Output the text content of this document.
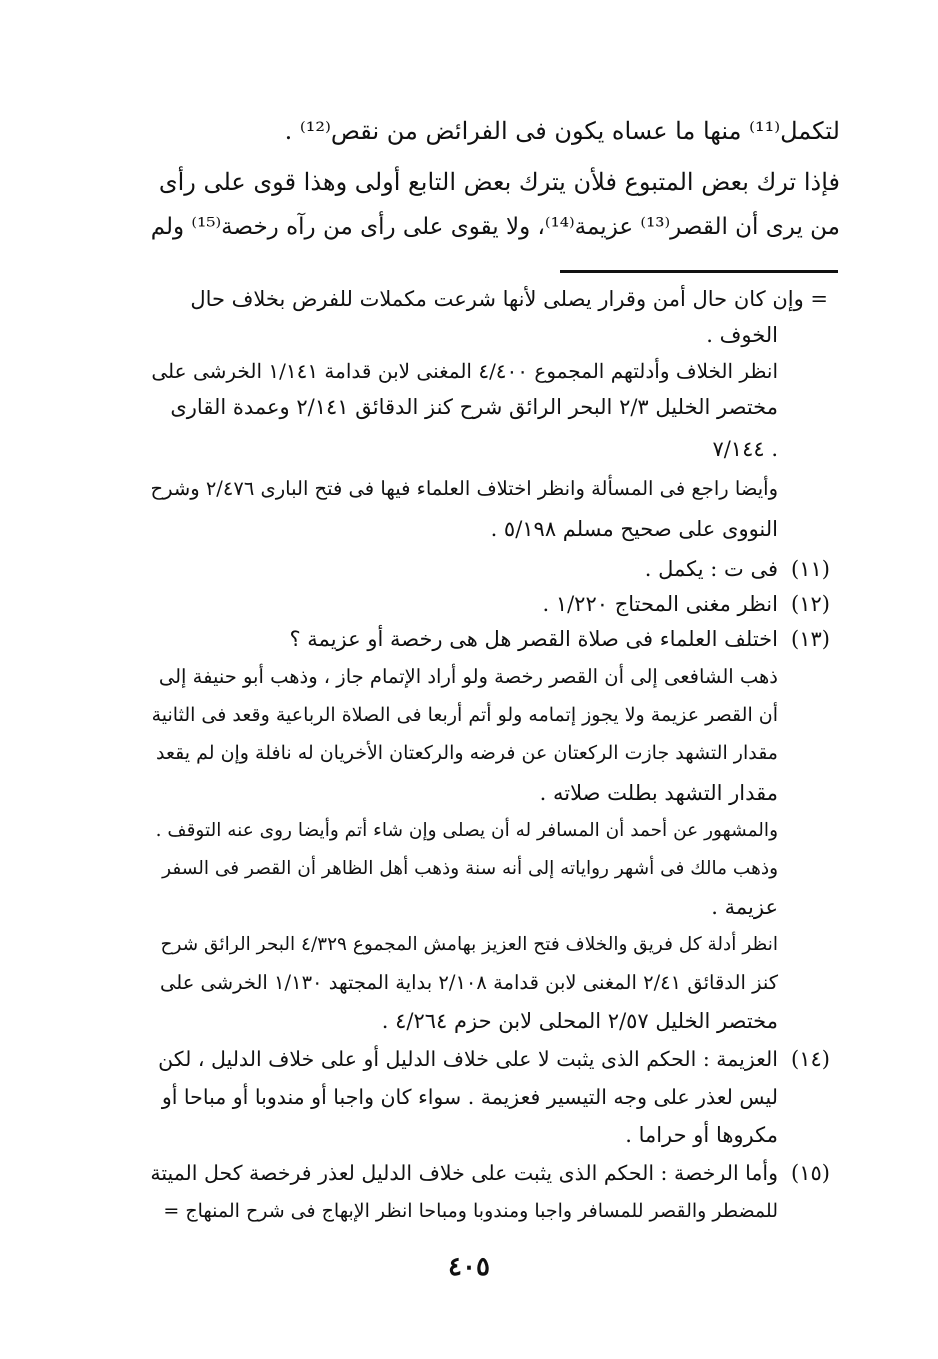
لتكمل⁽¹¹⁾ منها ما عساه يكون فى الفرائض من نقص⁽¹²⁾ .
فإذا ترك بعض المتبوع فلأن يترك بعض التابع أولى وهذا قوى على رأى
من يرى أن القصر⁽¹³⁾ عزيمة⁽¹⁴⁾، ولا يقوى على رأى من رآه رخصة⁽¹⁵⁾ ولم
= وإن كان حال أمن وقرار يصلى لأنها شرعت مكملات للفرض بخلاف حال
الخوف .
انظر الخلاف وأدلتهم المجموع ٤/٤٠٠ المغنى لابن قدامة ١/١٤١ الخرشى على
مختصر الخليل ٢/٣ البحر الرائق شرح كنز الدقائق ٢/١٤١ وعمدة القارى
٧/١٤٤ .
وأيضا راجع فى المسألة وانظر اختلاف العلماء فيها فى فتح البارى ٢/٤٧٦ وشرح
النووى على صحيح مسلم ٥/١٩٨ .
(١١)
فى ت : يكمل .
(١٢)
انظر مغنى المحتاج ١/٢٢٠ .
(١٣)
اختلف العلماء فى صلاة القصر هل هى رخصة أو عزيمة ؟
ذهب الشافعى إلى أن القصر رخصة ولو أراد الإتمام جاز ، وذهب أبو حنيفة إلى
أن القصر عزيمة ولا يجوز إتمامه ولو أتم أربعا فى الصلاة الرباعية وقعد فى الثانية
مقدار التشهد جازت الركعتان عن فرضه والركعتان الأخريان له نافلة وإن لم يقعد
مقدار التشهد بطلت صلاته .
والمشهور عن أحمد أن المسافر له أن يصلى وإن شاء أتم وأيضا روى عنه التوقف .
وذهب مالك فى أشهر رواياته إلى أنه سنة وذهب أهل الظاهر أن القصر فى السفر
عزيمة .
انظر أدلة كل فريق والخلاف فتح العزيز بهامش المجموع ٤/٣٢٩ البحر الرائق شرح
كنز الدقائق ٢/٤١ المغنى لابن قدامة ٢/١٠٨ بداية المجتهد ١/١٣٠ الخرشى على
مختصر الخليل ٢/٥٧ المحلى لابن حزم ٤/٢٦٤ .
(١٤)
العزيمة : الحكم الذى يثبت لا على خلاف الدليل أو على خلاف الدليل ، لكن
ليس لعذر على وجه التيسير فعزيمة . سواء كان واجبا أو مندوبا أو مباحا أو
مكروها أو حراما .
(١٥)
وأما الرخصة : الحكم الذى يثبت على خلاف الدليل لعذر فرخصة كحل الميتة
للمضطر والقصر للمسافر واجبا ومندوبا ومباحا انظر الإبهاج فى شرح المنهاج =
٤٠٥
